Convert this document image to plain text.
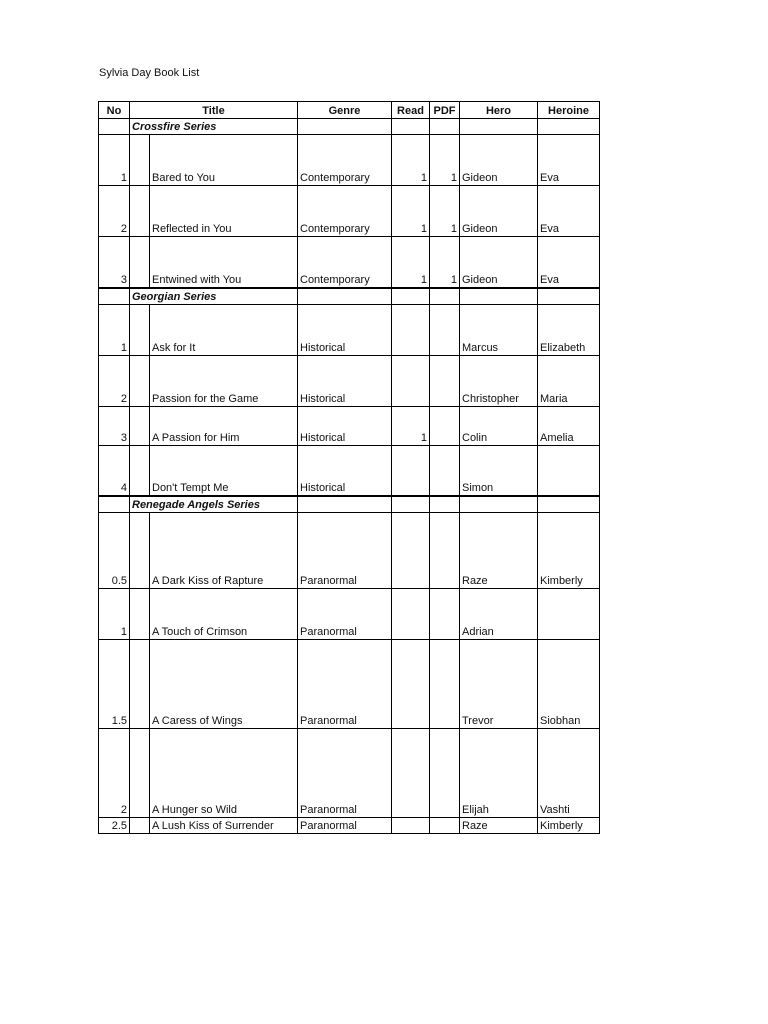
Sylvia Day Book List
No	Title		Genre	Read	PDF	Hero	Heroine
	Crossfire Series						
1		Bared to You	Contemporary	1	1	Gideon	Eva
2		Reflected in You	Contemporary	1	1	Gideon	Eva
3		Entwined with You	Contemporary	1	1	Gideon	Eva
	Georgian Series						
1		Ask for It	Historical			Marcus	Elizabeth
2		Passion for the Game	Historical			Christopher	Maria
3		A Passion for Him	Historical	1		Colin	Amelia
4		Don't Tempt Me	Historical			Simon	
	Renegade Angels Series						
0.5		A Dark Kiss of Rapture	Paranormal			Raze	Kimberly
1		A Touch of Crimson	Paranormal			Adrian	
1.5		A Caress of Wings	Paranormal			Trevor	Siobhan
2		A Hunger so Wild	Paranormal			Elijah	Vashti
2.5		A Lush Kiss of Surrender	Paranormal			Raze	Kimberly
